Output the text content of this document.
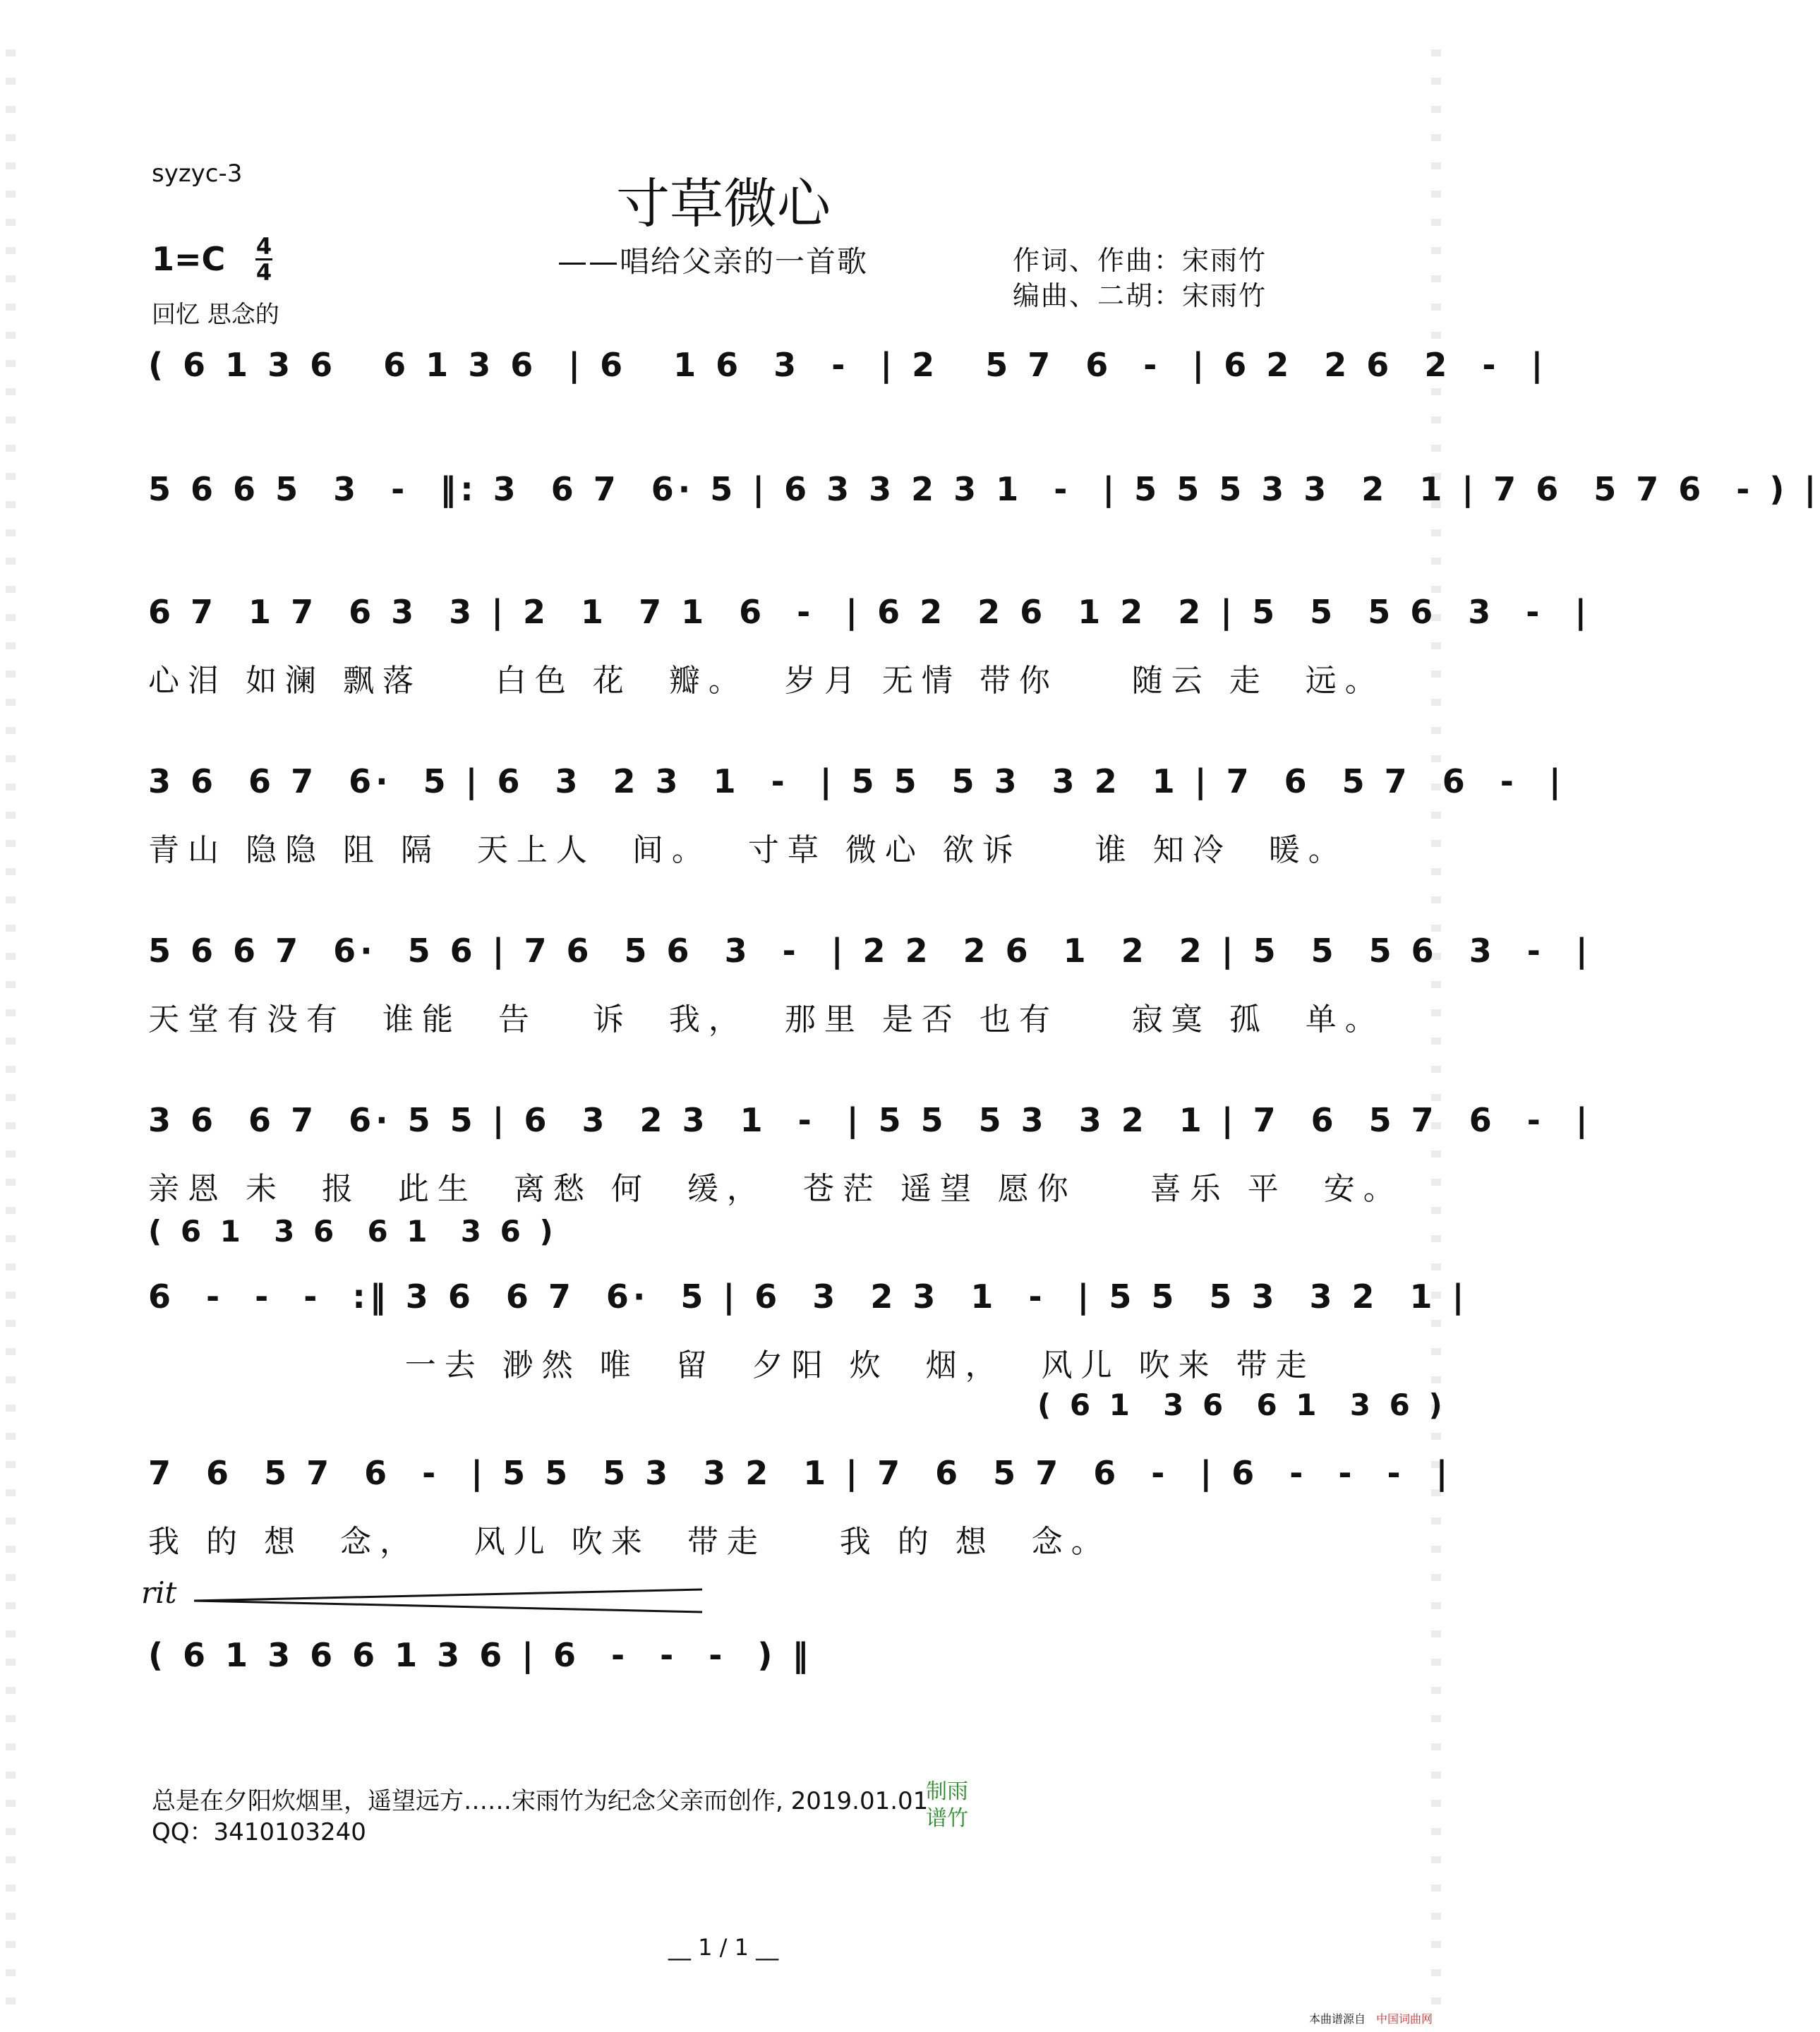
syzyc-3	寸草微心
——唱给父亲的一首歌	作词、作曲：宋雨竹
编曲、二胡：宋雨竹
1=C 4
4
回忆 思念的
( 6 1 3 6   6 1 3 6  | 6   1 6  3  -  | 2   5 7  6  -  | 6 2  2 6  2  -  |
5 6 6 5  3  -  ‖: 3  6 7  6· 5 | 6 3 3 2 3 1  -  | 5 5 5 3 3  2  1 | 7 6  5 7 6  - ) |
6 7  1 7  6 3  3 | 2  1  7 1  6  -  | 6 2  2 6  1 2  2 | 5  5  5 6  3  -  |
心泪 如澜 飘落    白色 花  瓣。  岁月 无情 带你    随云 走  远。
3 6  6 7  6·  5 | 6  3  2 3  1  -  | 5 5  5 3  3 2  1 | 7  6  5 7  6  -  |
青山 隐隐 阻 隔  天上人  间。  寸草 微心 欲诉    谁 知冷  暖。
5 6 6 7  6·  5 6 | 7 6  5 6  3  -  | 2 2  2 6  1  2  2 | 5  5  5 6  3  -  |
天堂有没有  谁能  告   诉  我，  那里 是否 也有    寂寞 孤  单。
3 6  6 7  6· 5 5 | 6  3  2 3  1  -  | 5 5  5 3  3 2  1 | 7  6  5 7  6  -  |
亲恩 未  报  此生  离愁 何  缓，  苍茫 遥望 愿你    喜乐 平  安。
( 6 1  3 6  6 1  3 6 )
6  -  -  -  :‖ 3 6  6 7  6·  5 | 6  3  2 3  1  -  | 5 5  5 3  3 2  1 |
一去 渺然 唯  留  夕阳 炊  烟，  风儿 吹来 带走
( 6 1  3 6  6 1  3 6 )
7  6  5 7  6  -  | 5 5  5 3  3 2  1 | 7  6  5 7  6  -  | 6  -  -  -  |
我 的 想  念，   风儿 吹来  带走    我 的 想  念。
rit
( 6 1 3 6 6 1 3 6 | 6  -  -  -  ) ‖
总是在夕阳炊烟里，遥望远方……宋雨竹为纪念父亲而创作, 2019.01.01
QQ：3410103240
制雨谱竹
__ 1 / 1 __
本曲谱源自 中国词曲网
